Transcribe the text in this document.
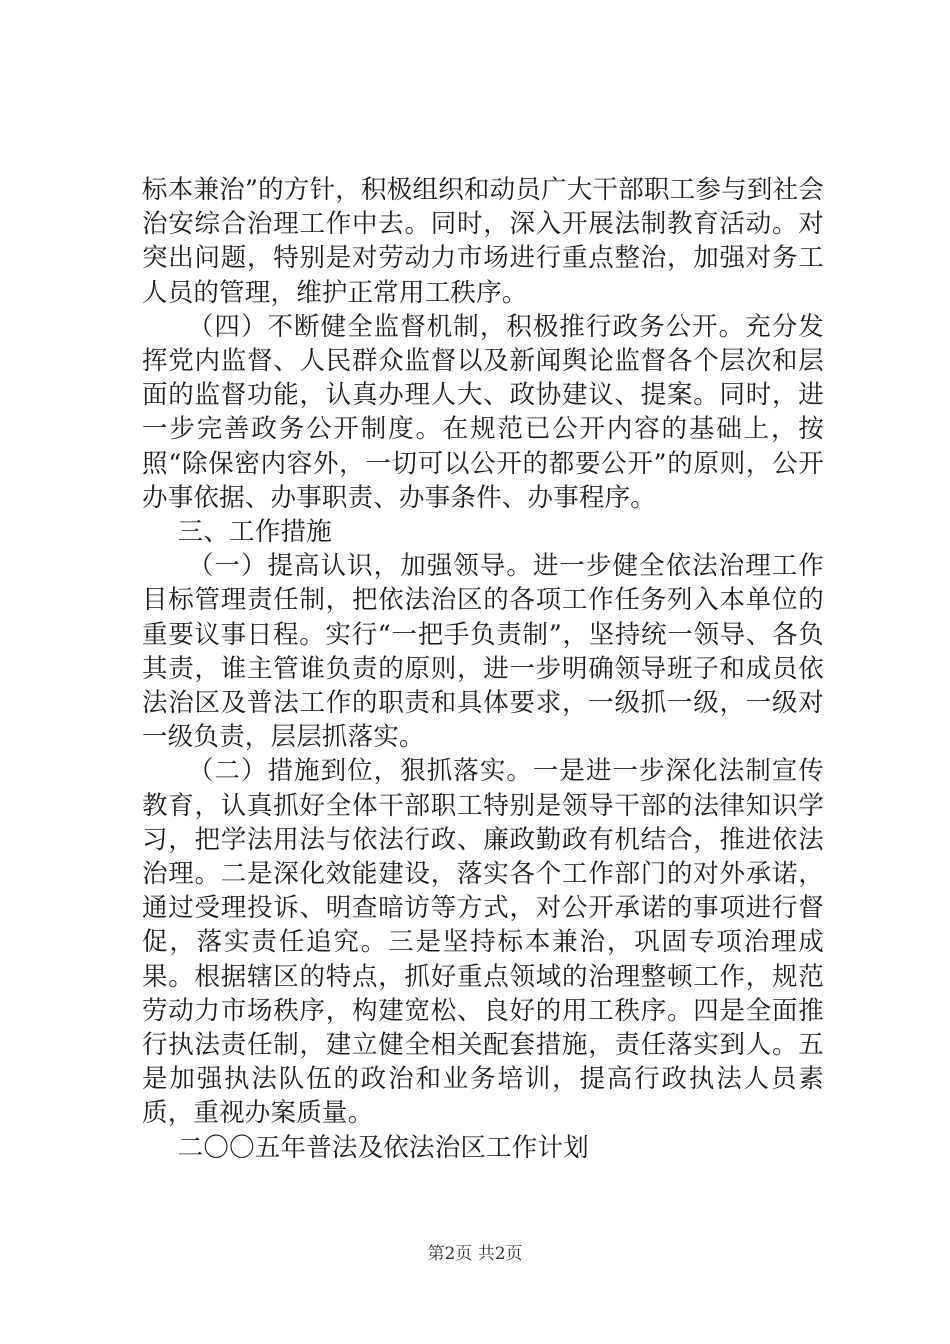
标本兼治”的方针，积极组织和动员广大干部职工参与到社会治安综合治理工作中去。同时，深入开展法制教育活动。对突出问题，特别是对劳动力市场进行重点整治，加强对务工人员的管理，维护正常用工秩序。

（四）不断健全监督机制，积极推行政务公开。充分发挥党内监督、人民群众监督以及新闻舆论监督各个层次和层面的监督功能，认真办理人大、政协建议、提案。同时，进一步完善政务公开制度。在规范已公开内容的基础上，按照“除保密内容外，一切可以公开的都要公开”的原则，公开办事依据、办事职责、办事条件、办事程序。

三、工作措施

（一）提高认识，加强领导。进一步健全依法治理工作目标管理责任制，把依法治区的各项工作任务列入本单位的重要议事日程。实行“一把手负责制”，坚持统一领导、各负其责，谁主管谁负责的原则，进一步明确领导班子和成员依法治区及普法工作的职责和具体要求，一级抓一级，一级对一级负责，层层抓落实。

（二）措施到位，狠抓落实。一是进一步深化法制宣传教育，认真抓好全体干部职工特别是领导干部的法律知识学习，把学法用法与依法行政、廉政勤政有机结合，推进依法治理。二是深化效能建设，落实各个工作部门的对外承诺，通过受理投诉、明查暗访等方式，对公开承诺的事项进行督促，落实责任追究。三是坚持标本兼治，巩固专项治理成果。根据辖区的特点，抓好重点领域的治理整顿工作，规范劳动力市场秩序，构建宽松、良好的用工秩序。四是全面推行执法责任制，建立健全相关配套措施，责任落实到人。五是加强执法队伍的政治和业务培训，提高行政执法人员素质，重视办案质量。

二〇〇五年普法及依法治区工作计划

第2页 共2页
